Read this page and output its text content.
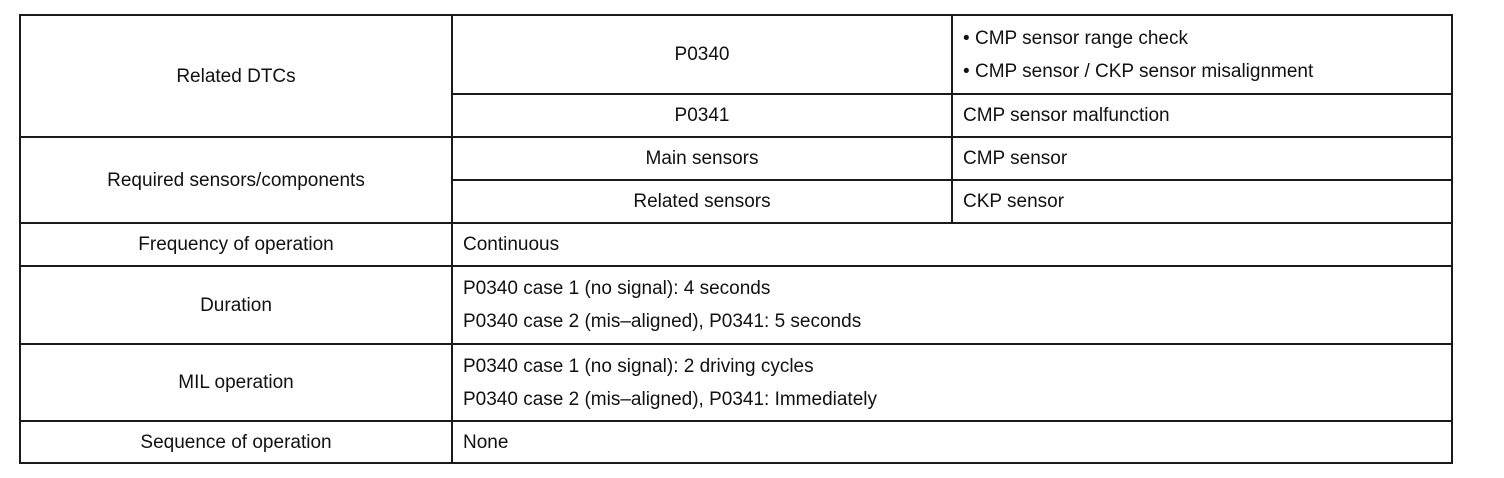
Related DTCs	P0340	• CMP sensor range check
• CMP sensor / CKP sensor misalignment

	P0341	CMP sensor malfunction
Required sensors/components	Main sensors	CMP sensor
	Related sensors	CKP sensor
Frequency of operation	Continuous	
Duration	P0340 case 1 (no signal): 4 seconds
P0340 case 2 (mis–aligned), P0341: 5 seconds	

MIL operation	P0340 case 1 (no signal): 2 driving cycles
P0340 case 2 (mis–aligned), P0341: Immediately	

Sequence of operation	None	
